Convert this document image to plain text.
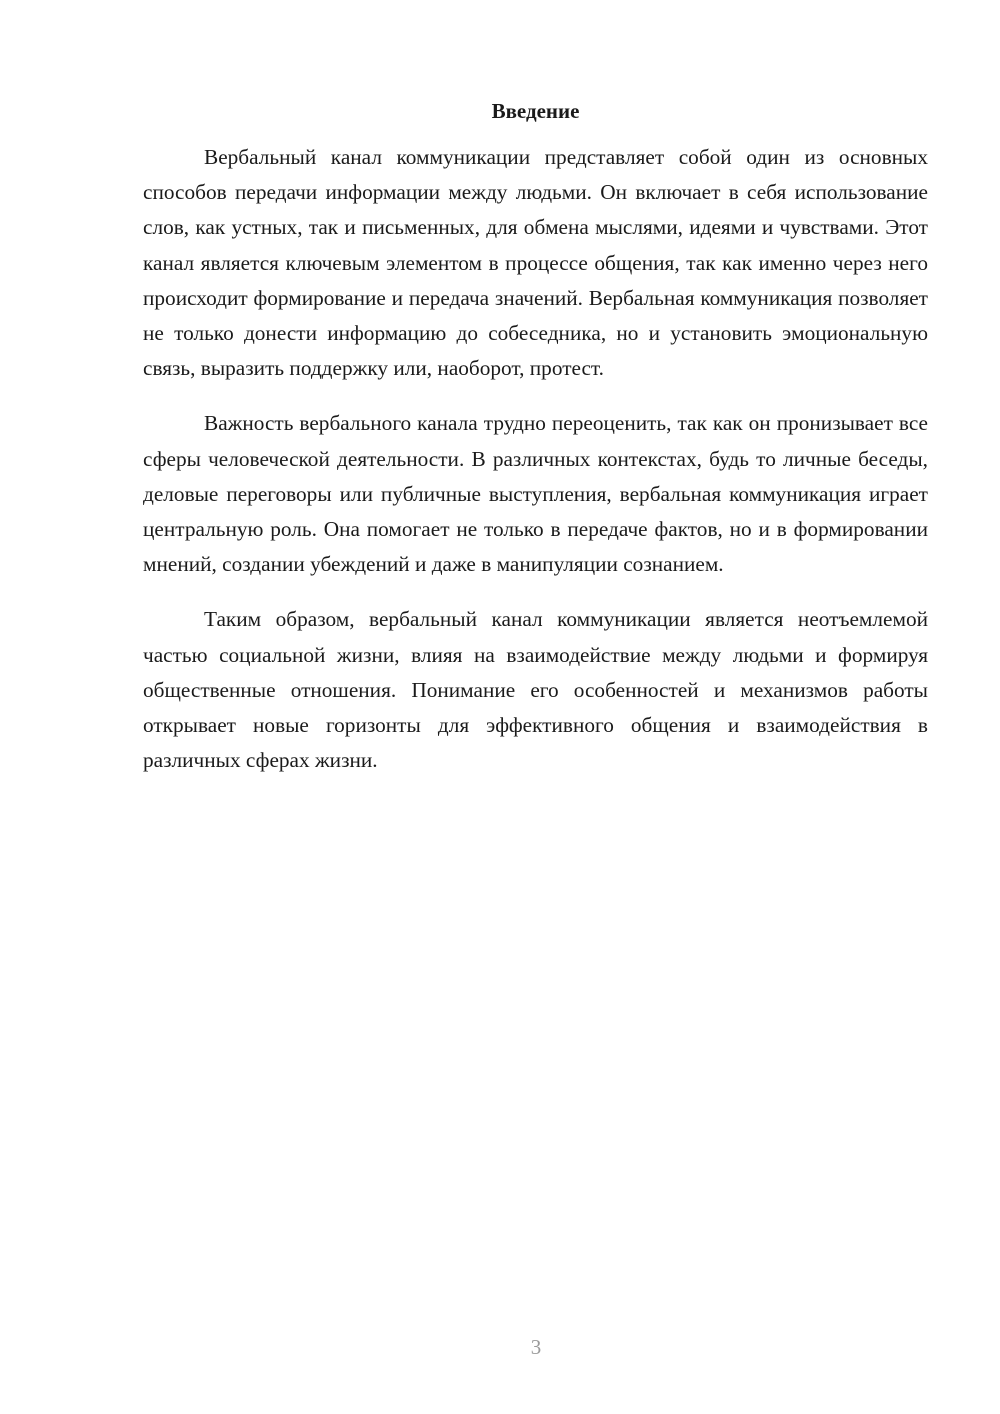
Введение

Вербальный канал коммуникации представляет собой один из основных способов передачи информации между людьми. Он включает в себя использование слов, как устных, так и письменных, для обмена мыслями, идеями и чувствами. Этот канал является ключевым элементом в процессе общения, так как именно через него происходит формирование и передача значений. Вербальная коммуникация позволяет не только донести информацию до собеседника, но и установить эмоциональную связь, выразить поддержку или, наоборот, протест.

Важность вербального канала трудно переоценить, так как он пронизывает все сферы человеческой деятельности. В различных контекстах, будь то личные беседы, деловые переговоры или публичные выступления, вербальная коммуникация играет центральную роль. Она помогает не только в передаче фактов, но и в формировании мнений, создании убеждений и даже в манипуляции сознанием.

Таким образом, вербальный канал коммуникации является неотъемлемой частью социальной жизни, влияя на взаимодействие между людьми и формируя общественные отношения. Понимание его особенностей и механизмов работы открывает новые горизонты для эффективного общения и взаимодействия в различных сферах жизни.

3
